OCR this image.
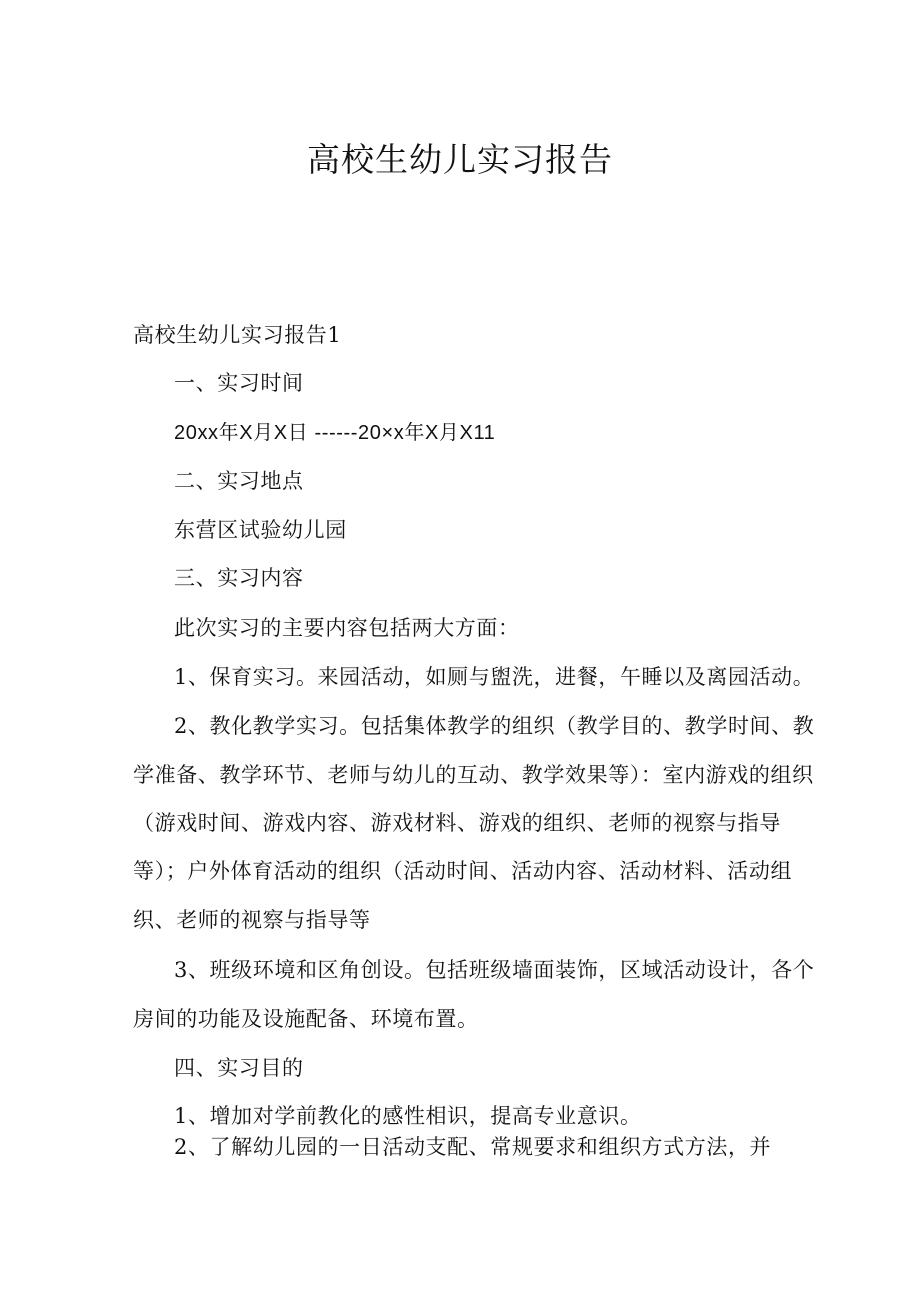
高校生幼儿实习报告
高校生幼儿实习报告1
一、实习时间
20xx年X月X日 ------20×x年X月X11
二、实习地点
东营区试验幼儿园
三、实习内容
此次实习的主要内容包括两大方面：
1、保育实习。来园活动，如厕与盥洗，进餐，午睡以及离园活动。
2、教化教学实习。包括集体教学的组织（教学目的、教学时间、教
学准备、教学环节、老师与幼儿的互动、教学效果等）：室内游戏的组织
（游戏时间、游戏内容、游戏材料、游戏的组织、老师的视察与指导
等）；户外体育活动的组织（活动时间、活动内容、活动材料、活动组
织、老师的视察与指导等
3、班级环境和区角创设。包括班级墙面装饰，区域活动设计，各个
房间的功能及设施配备、环境布置。
四、实习目的
1、增加对学前教化的感性相识，提高专业意识。
2、了解幼儿园的一日活动支配、常规要求和组织方式方法，并
